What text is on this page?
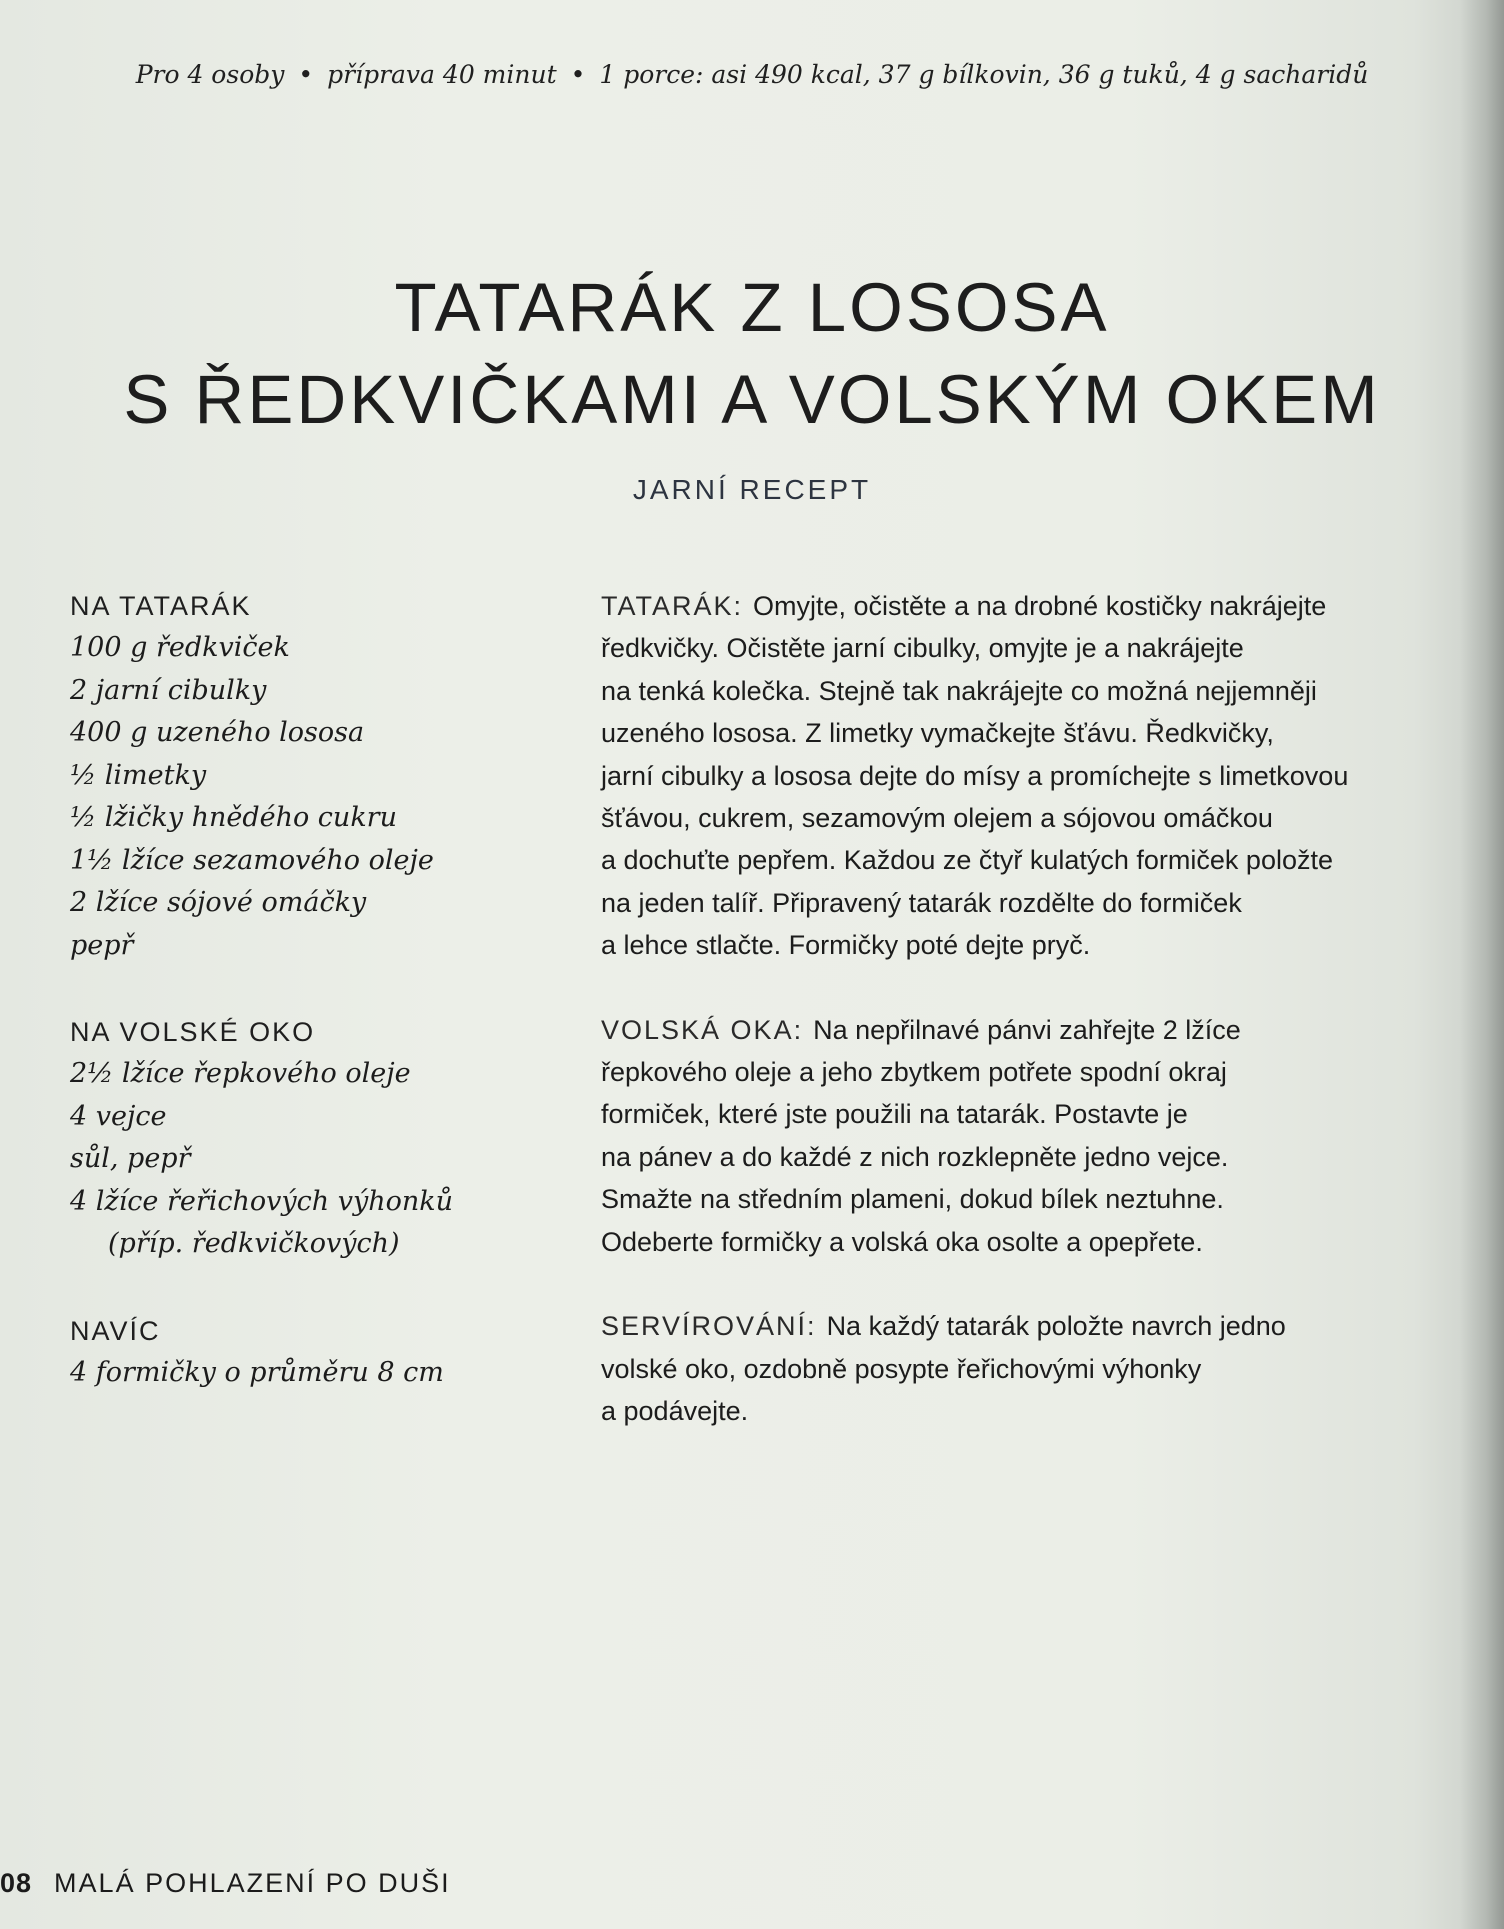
Pro 4 osoby • příprava 40 minut • 1 porce: asi 490 kcal, 37 g bílkovin, 36 g tuků, 4 g sacharidů
TATARÁK Z LOSOSA
S ŘEDKVIČKAMI A VOLSKÝM OKEM
JARNÍ RECEPT
NA TATARÁK
100 g ředkviček
2 jarní cibulky
400 g uzeného lososa
½ limetky
½ lžičky hnědého cukru
1½ lžíce sezamového oleje
2 lžíce sójové omáčky
pepř
NA VOLSKÉ OKO
2½ lžíce řepkového oleje
4 vejce
sůl, pepř
4 lžíce řeřichových výhonků
(příp. ředkvičkových)
NAVÍC
4 formičky o průměru 8 cm
TATARÁK: Omyjte, očistěte a na drobné kostičky nakrájejte
ředkvičky. Očistěte jarní cibulky, omyjte je a nakrájejte
na tenká kolečka. Stejně tak nakrájejte co možná nejjemněji
uzeného lososa. Z limetky vymačkejte šťávu. Ředkvičky,
jarní cibulky a lososa dejte do mísy a promíchejte s limetkovou
šťávou, cukrem, sezamovým olejem a sójovou omáčkou
a dochuťte pepřem. Každou ze čtyř kulatých formiček položte
na jeden talíř. Připravený tatarák rozdělte do formiček
a lehce stlačte. Formičky poté dejte pryč.
VOLSKÁ OKA: Na nepřilnavé pánvi zahřejte 2 lžíce
řepkového oleje a jeho zbytkem potřete spodní okraj
formiček, které jste použili na tatarák. Postavte je
na pánev a do každé z nich rozklepněte jedno vejce.
Smažte na středním plameni, dokud bílek neztuhne.
Odeberte formičky a volská oka osolte a opepřete.
SERVÍROVÁNÍ: Na každý tatarák položte navrch jedno
volské oko, ozdobně posypte řeřichovými výhonky
a podávejte.
08 MALÁ POHLAZENÍ PO DUŠI
